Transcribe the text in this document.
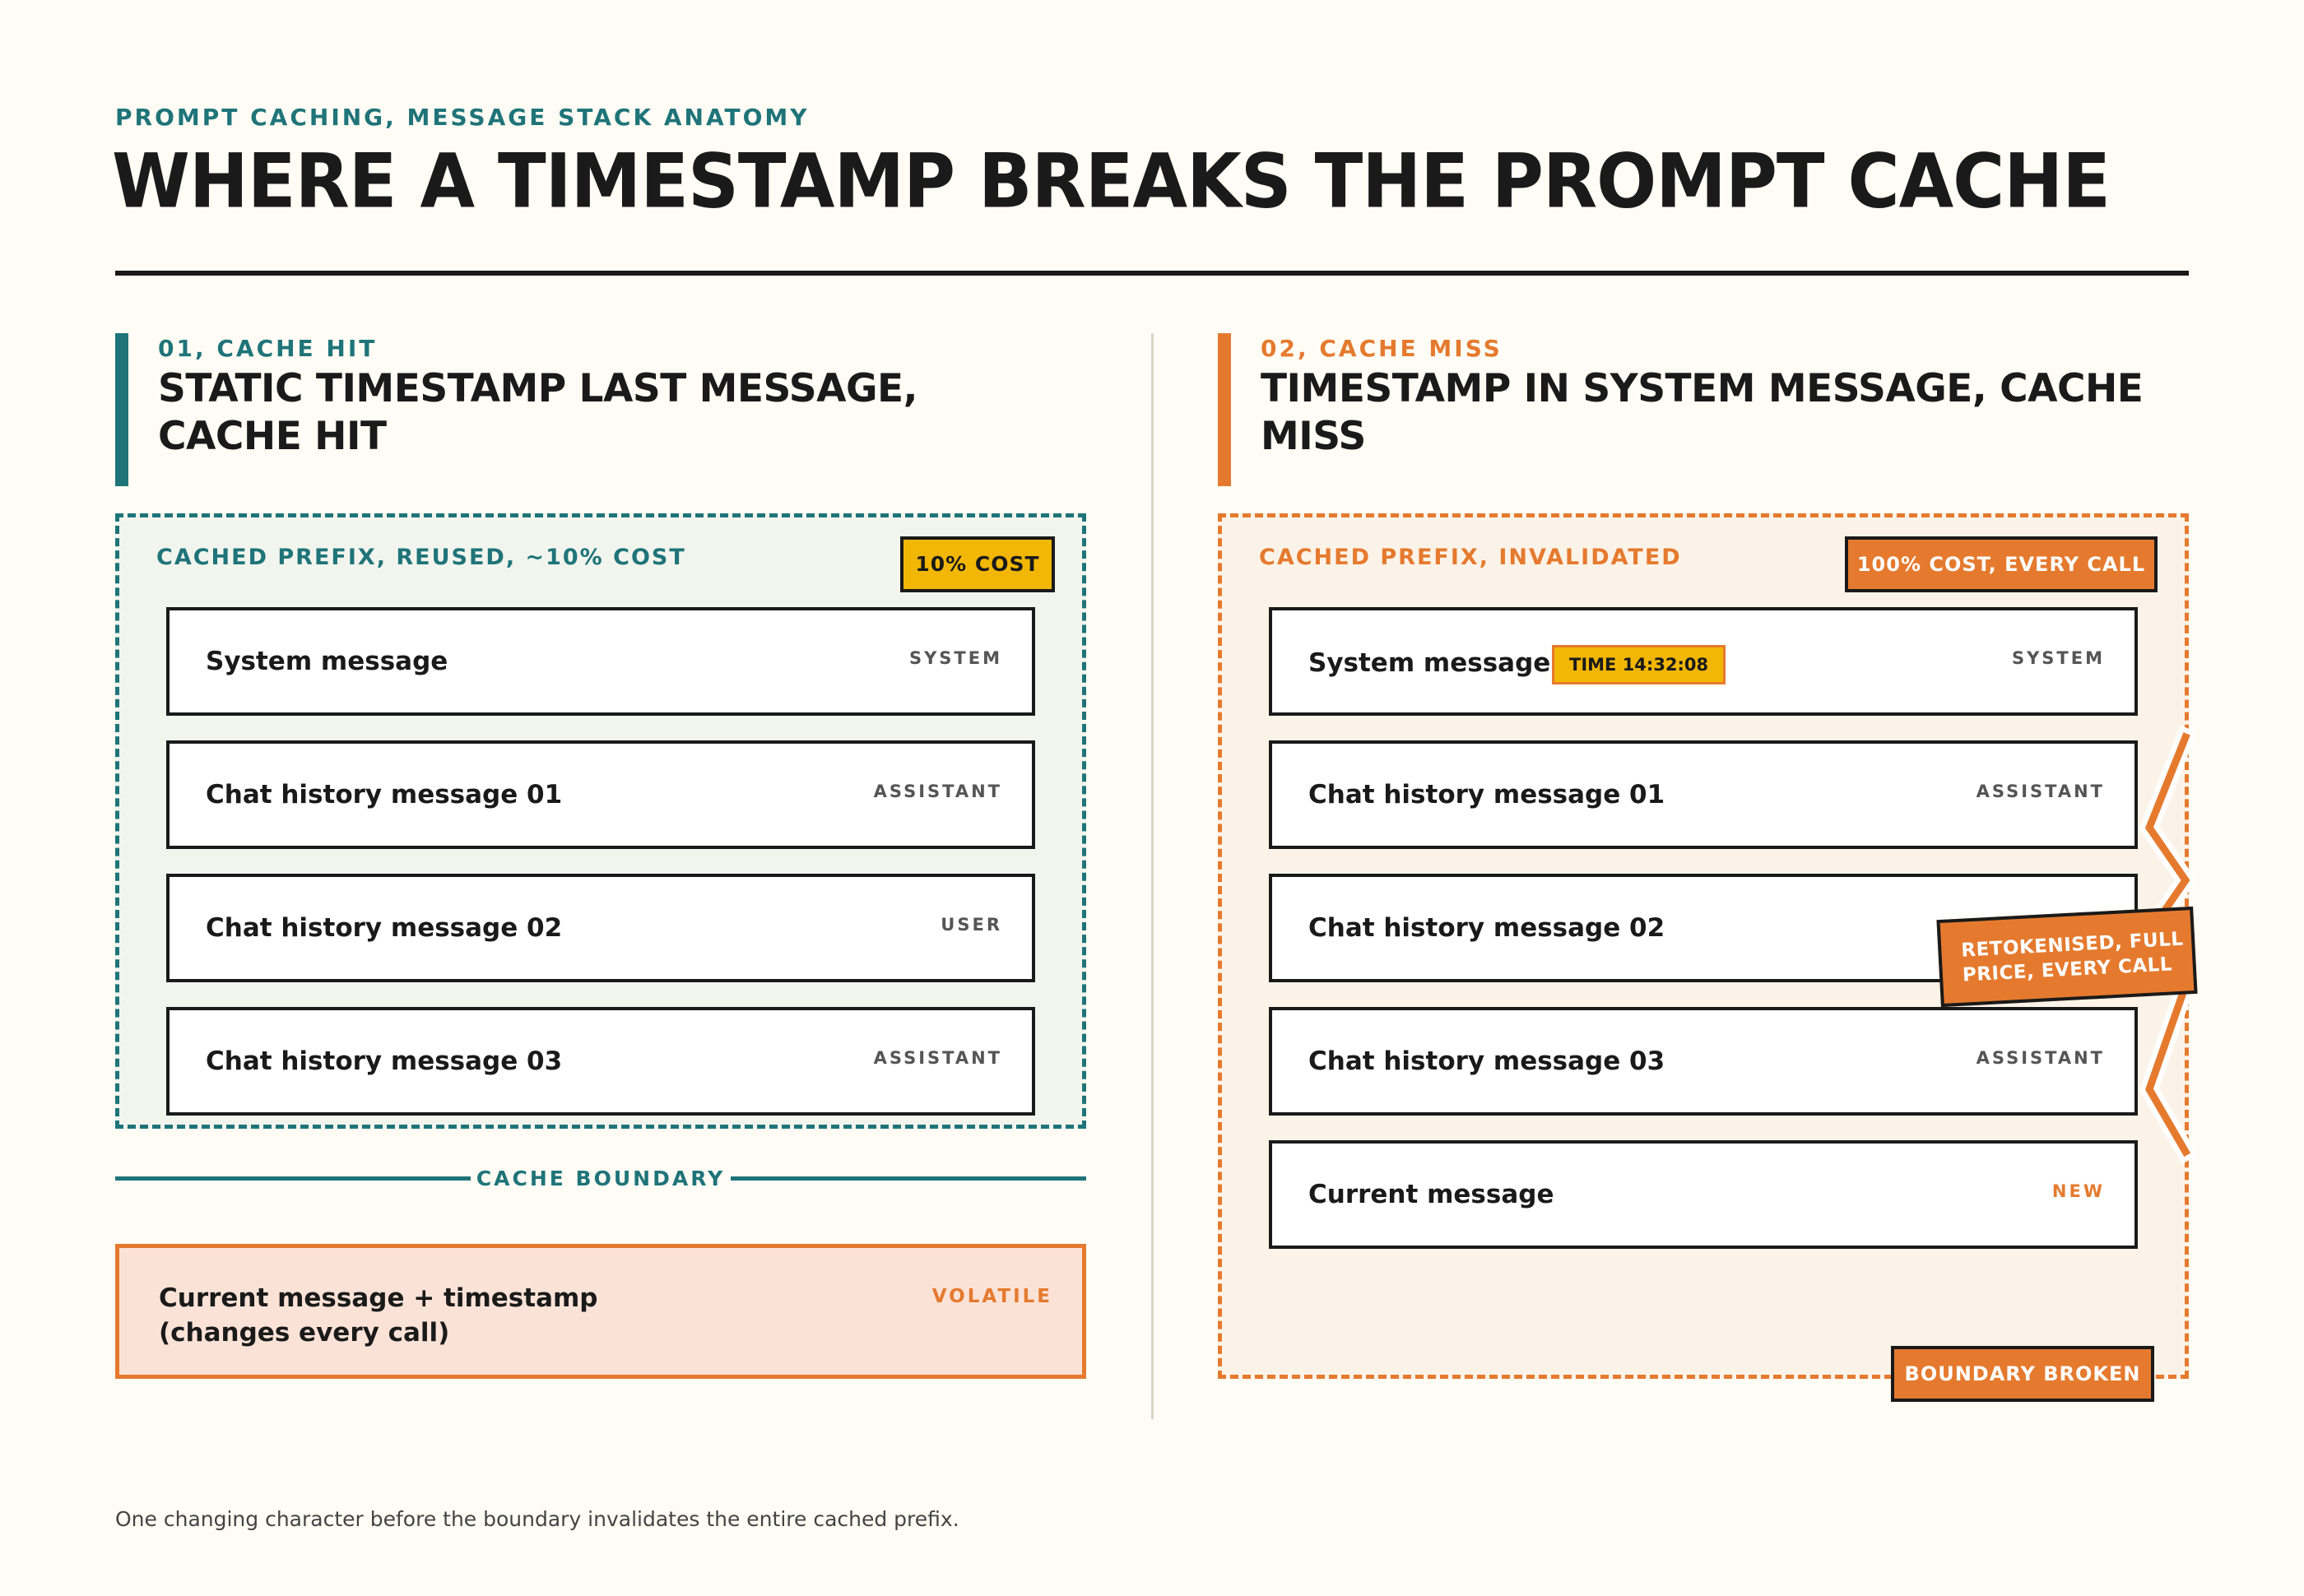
PROMPT CACHING, MESSAGE STACK ANATOMY
WHERE A TIMESTAMP BREAKS THE PROMPT CACHE
01, CACHE HIT
STATIC TIMESTAMP LAST MESSAGE,
CACHE HIT
CACHED PREFIX, REUSED, ~10% COST	10% COST
System message	SYSTEM
Chat history message 01	ASSISTANT
Chat history message 02	USER
Chat history message 03	ASSISTANT
CACHE BOUNDARY
Current message + timestamp
(changes every call)
VOLATILE
02, CACHE MISS
TIMESTAMP IN SYSTEM MESSAGE, CACHE
MISS
CACHED PREFIX, INVALIDATED	100% COST, EVERY CALL
System message	TIME 14:32:08	SYSTEM
Chat history message 01	ASSISTANT
Chat history message 02
Chat history message 03	ASSISTANT
Current message	NEW
RETOKENISED, FULL
PRICE, EVERY CALL
BOUNDARY BROKEN
One changing character before the boundary invalidates the entire cached prefix.
